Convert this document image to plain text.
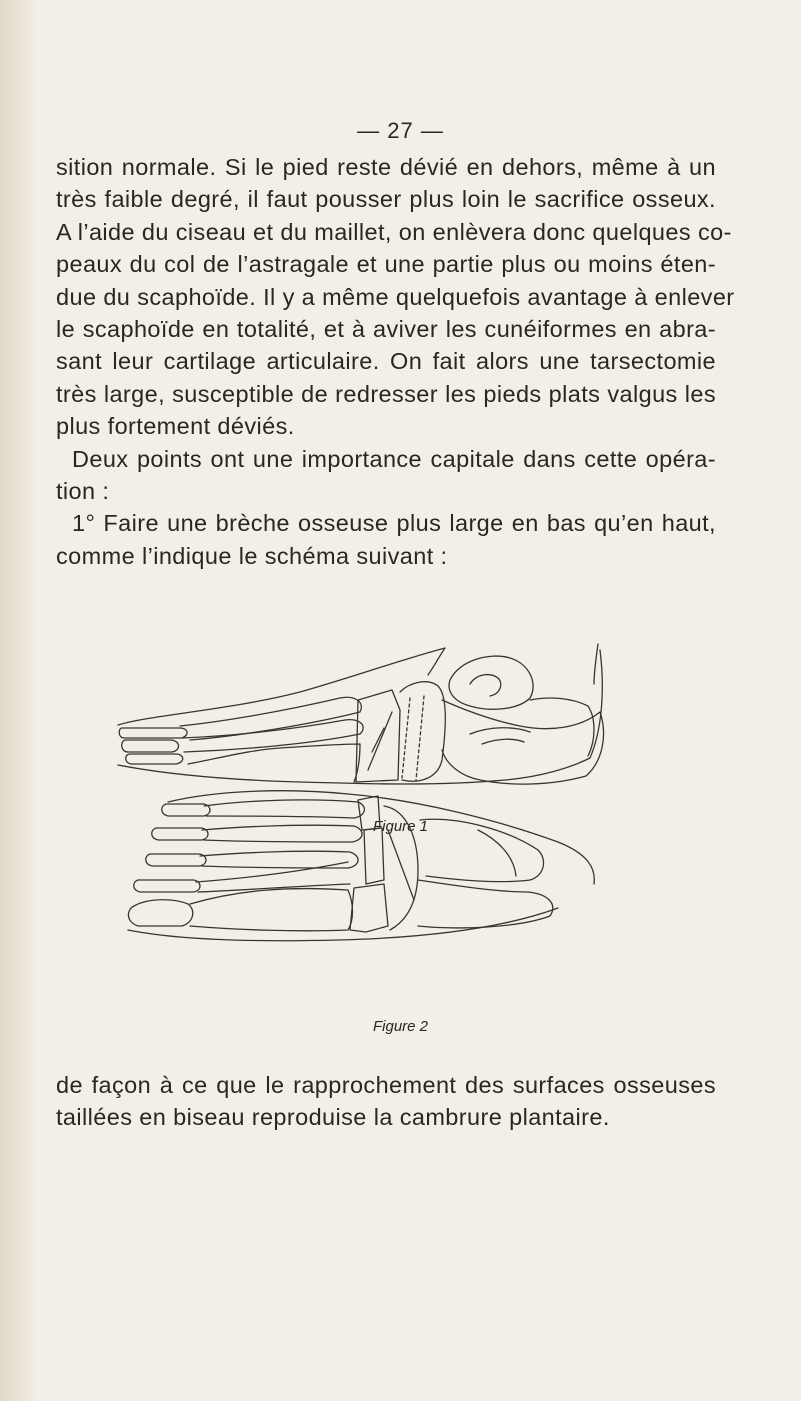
— 27 —
sition normale. Si le pied reste dévié en dehors, même à un
très faible degré, il faut pousser plus loin le sacrifice osseux.
A l’aide du ciseau et du maillet, on enlèvera donc quelques co-
peaux du col de l’astragale et une partie plus ou moins éten-
due du scaphoïde. Il y a même quelquefois avantage à enlever
le scaphoïde en totalité, et à aviver les cunéiformes en abra-
sant leur cartilage articulaire. On fait alors une tarsectomie
très large, susceptible de redresser les pieds plats valgus les
plus fortement déviés.
Deux points ont une importance capitale dans cette opéra-
tion :
1° Faire une brèche osseuse plus large en bas qu’en haut,
comme l’indique le schéma suivant :
Figure 1
Figure 2
de façon à ce que le rapprochement des surfaces osseuses
taillées en biseau reproduise la cambrure plantaire.
